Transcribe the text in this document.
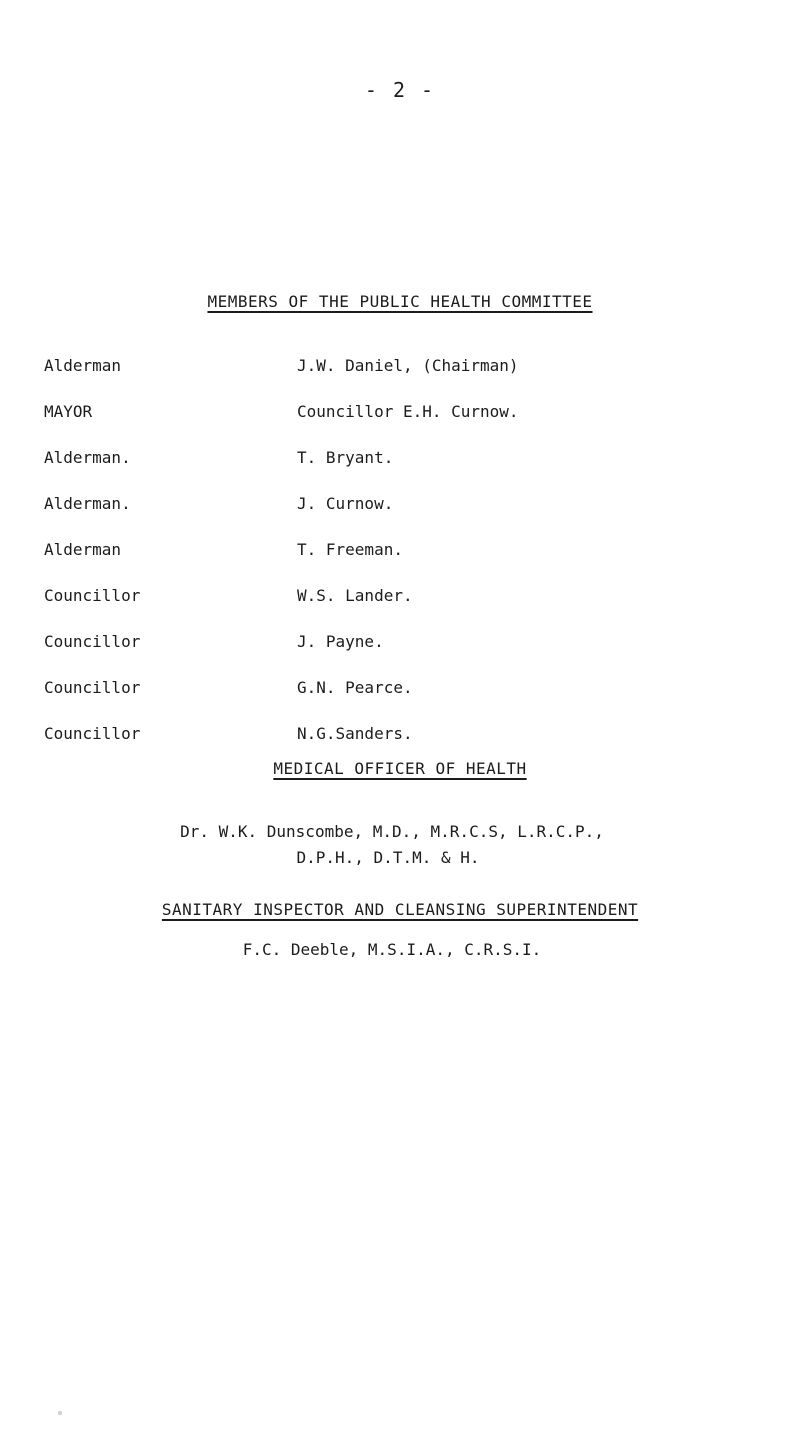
- 2 -
MEMBERS OF THE PUBLIC HEALTH COMMITTEE
Alderman	J.W. Daniel, (Chairman)
MAYOR	Councillor E.H. Curnow.
Alderman.	T. Bryant.
Alderman.	J. Curnow.
Alderman	T. Freeman.
Councillor	W.S. Lander.
Councillor	J. Payne.
Councillor	G.N. Pearce.
Councillor	N.G.Sanders.
MEDICAL OFFICER OF HEALTH
Dr. W.K. Dunscombe, M.D., M.R.C.S, L.R.C.P.,
D.P.H., D.T.M. & H.
SANITARY INSPECTOR AND CLEANSING SUPERINTENDENT
F.C. Deeble, M.S.I.A., C.R.S.I.
